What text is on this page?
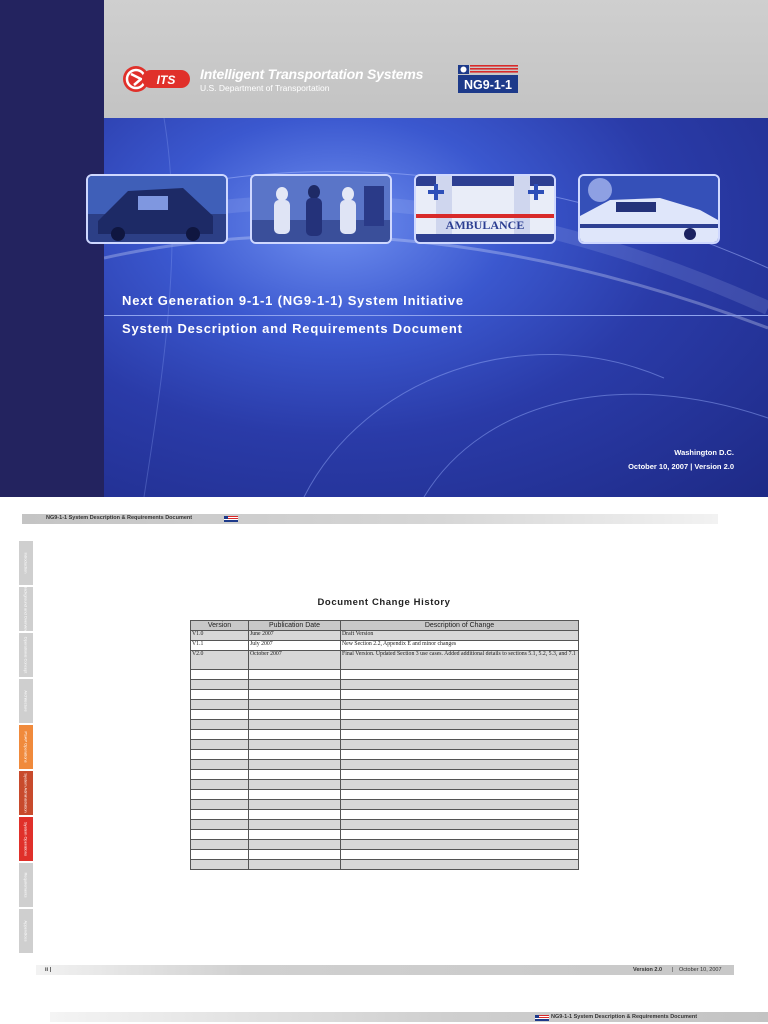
ITS Intelligent Transportation Systems
U.S. Department of Transportation	NG9-1-1
AMBULANCE
Next Generation 9-1-1 (NG9-1-1) System Initiative
System Description and Requirements Document
Washington D.C.
October 10, 2007 | Version 2.0
NG9-1-1 System Description & Requirements Document
Introduction
Background and Overview
Operational Concept
Architecture
PSAP Operations
System Administration
System Operations
Requirements
Appendices
Document Change History
Version	Publication Date	Description of Change
V1.0	June 2007	Draft Version
V1.1	July 2007	New Section 2.2, Appendix E and minor changes
V2.0	October 2007	Final Version. Updated Section 3 use cases. Added additional details to sections 5.1, 5.2, 5.3, and 7.1

ii |	Version 2.0 | October 10, 2007
NG9-1-1 System Description & Requirements Document
